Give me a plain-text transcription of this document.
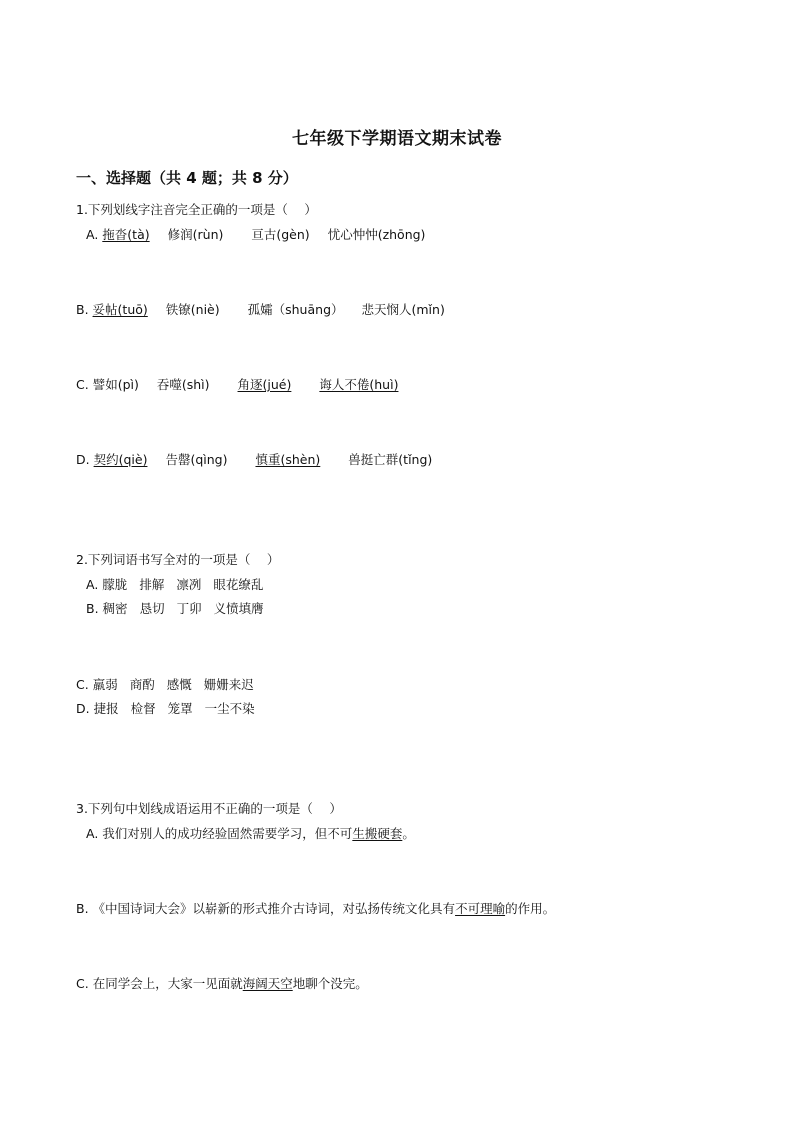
七年级下学期语文期末试卷
一、选择题（共 4 题；共 8 分）
1.下列划线字注音完全正确的一项是（　 ）
A. 拖沓(tà) 修润(rùn) 亘古(gèn) 忧心忡忡(zhōng)
B. 妥帖(tuō) 铁镣(niè) 孤孀（shuāng） 悲天悯人(mǐn)
C. 譬如(pì) 吞噬(shì) 角逐(jué) 诲人不倦(huì)
D. 契约(qiè) 告罄(qìng) 慎重(shèn) 兽挺亡群(tǐng)
2.下列词语书写全对的一项是（　 ）
A. 朦胧 排解 凛冽 眼花缭乱
B. 稠密 恳切 丁卯 义愤填膺
C. 羸弱 商酌 感慨 姗姗来迟
D. 捷报 检督 笼罩 一尘不染
3.下列句中划线成语运用不正确的一项是（　 ）
A. 我们对别人的成功经验固然需要学习，但不可生搬硬套。
B. 《中国诗词大会》以崭新的形式推介古诗词，对弘扬传统文化具有不可理喻的作用。
C. 在同学会上，大家一见面就海阔天空地聊个没完。
